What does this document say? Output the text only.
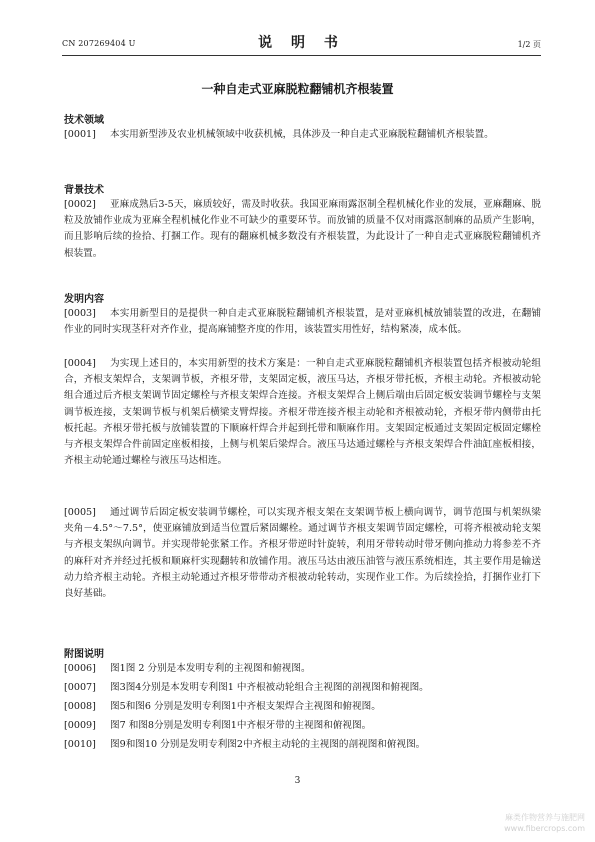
CN 207269404 U	说 明 书	1/2 页
一种自走式亚麻脱粒翻铺机齐根装置
技术领域
[0001]	本实用新型涉及农业机械领域中收获机械，具体涉及一种自走式亚麻脱粒翻铺机齐根装置。
背景技术
[0002]	亚麻成熟后3-5天，麻质较好，需及时收获。我国亚麻雨露沤制全程机械化作业的发展，亚麻翻麻、脱粒及放铺作业成为亚麻全程机械化作业不可缺少的重要环节。而放铺的质量不仅对雨露沤制麻的品质产生影响，而且影响后续的捡拾、打捆工作。现有的翻麻机械多数没有齐根装置，为此设计了一种自走式亚麻脱粒翻铺机齐根装置。
发明内容
[0003]	本实用新型目的是提供一种自走式亚麻脱粒翻铺机齐根装置，是对亚麻机械放铺装置的改进，在翻铺作业的同时实现茎秆对齐作业，提高麻铺整齐度的作用，该装置实用性好，结构紧凑，成本低。
[0004]	为实现上述目的，本实用新型的技术方案是：一种自走式亚麻脱粒翻铺机齐根装置包括齐根被动轮组合，齐根支架焊合，支架调节板，齐根牙带，支架固定板，液压马达，齐根牙带托板，齐根主动轮。齐根被动轮组合通过后齐根支架调节固定螺栓与齐根支架焊合连接。齐根支架焊合上侧后端由后固定板安装调节螺栓与支架调节板连接，支架调节板与机架后横梁支臂焊接。齐根牙带连接齐根主动轮和齐根被动轮，齐根牙带内侧带由托板托起。齐根牙带托板与放铺装置的下顺麻杆焊合并起到托带和顺麻作用。支架固定板通过支架固定板固定螺栓与齐根支架焊合件前固定座板相接，上侧与机架后梁焊合。液压马达通过螺栓与齐根支架焊合件油缸座板相接，齐根主动轮通过螺栓与液压马达相连。
[0005]	通过调节后固定板安装调节螺栓，可以实现齐根支架在支架调节板上横向调节，调节范围与机架纵梁夹角－4.5°～7.5°，使亚麻铺放到适当位置后紧固螺栓。通过调节齐根支架调节固定螺栓，可将齐根被动轮支架与齐根支架纵向调节。并实现带轮张紧工作。齐根牙带逆时针旋转，利用牙带转动时带牙侧向推动力将参差不齐的麻秆对齐并经过托板和顺麻杆实现翻转和放铺作用。液压马达由液压油管与液压系统相连，其主要作用是输送动力给齐根主动轮。齐根主动轮通过齐根牙带带动齐根被动轮转动，实现作业工作。为后续捡拾，打捆作业打下良好基础。
附图说明
[0006] 图1图 2 分别是本发明专利的主视图和俯视图。
[0007] 图3图4分别是本发明专利图1 中齐根被动轮组合主视图的剖视图和俯视图。
[0008] 图5和图6 分别是发明专利图1中齐根支架焊合主视图和俯视图。
[0009] 图7 和图8分别是发明专利图1中齐根牙带的主视图和俯视图。
[0010] 图9和图10 分别是发明专利图2中齐根主动轮的主视图的剖视图和俯视图。
3
麻类作物营养与施肥网
www.fibercrops.com
